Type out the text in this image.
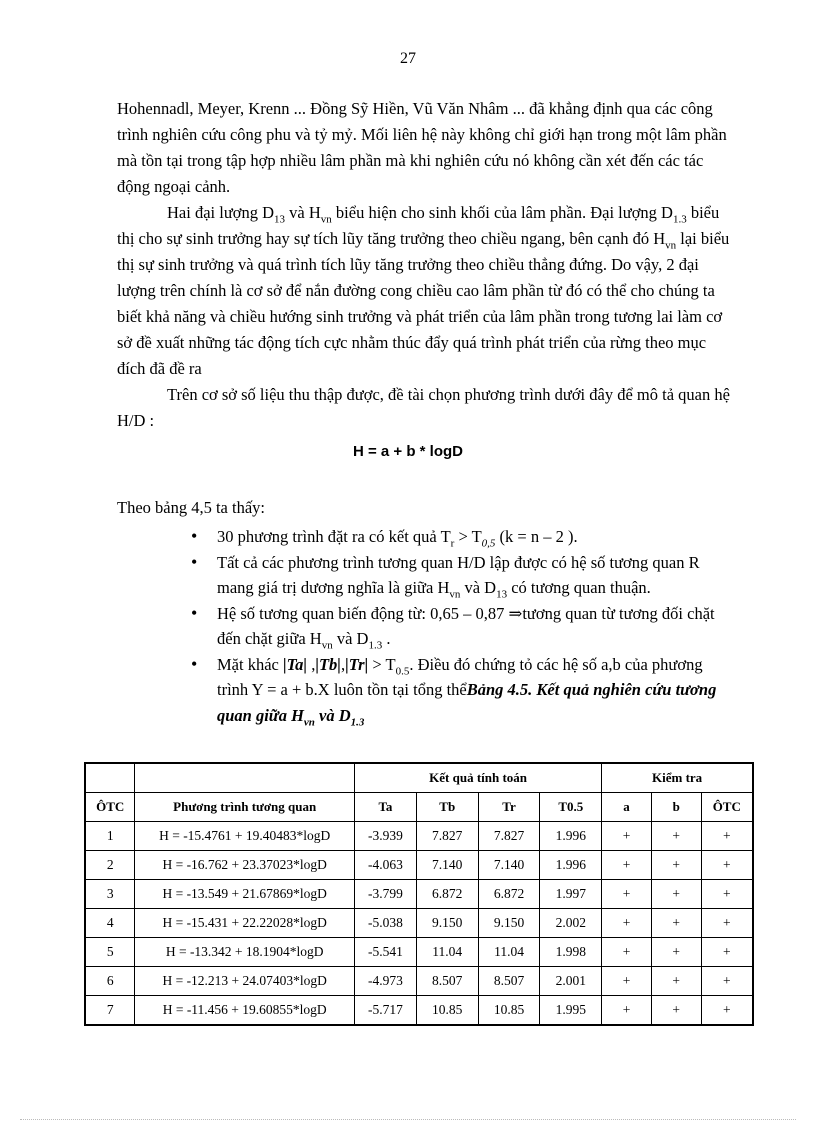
27

Hohennadl, Meyer, Krenn ... Đồng Sỹ Hiền, Vũ Văn Nhâm ... đã khẳng định qua các công trình nghiên cứu công phu và tỷ mỷ. Mối liên hệ này không chỉ giới hạn trong một lâm phần mà tồn tại trong tập hợp nhiều lâm phần mà khi nghiên cứu nó không cần xét đến các tác động ngoại cảnh.

Hai đại lượng $D_{13}$ và $H_{vn}$ biểu hiện cho sinh khối của lâm phần. Đại lượng $D_{1.3}$ biểu thị cho sự sinh trưởng hay sự tích lũy tăng trưởng theo chiều ngang, bên cạnh đó $H_{vn}$ lại biểu thị sự sinh trưởng và quá trình tích lũy tăng trưởng theo chiều thẳng đứng. Do vậy, 2 đại lượng trên chính là cơ sở để nắn đường cong chiều cao lâm phần từ đó có thể cho chúng ta biết khả năng và chiều hướng sinh trưởng và phát triển của lâm phần trong tương lai làm cơ sở đề xuất những tác động tích cực nhằm thúc đẩy quá trình phát triển của rừng theo mục đích đã đề ra

Trên cơ sở số liệu thu thập được, đề tài chọn phương trình dưới đây để mô tả quan hệ H/D :

H = a + b * logD
Theo bảng 4,5 ta thấy:
• 30 phương trình đặt ra có kết quả $T_r > T_{0,5}$ (k = n – 2 ).
• Tất cả các phương trình tương quan H/D lập được có hệ số tương quan R mang giá trị dương nghĩa là giữa $H_{vn}$ và $D_{13}$ có tương quan thuận.
• Hệ số tương quan biến động từ: 0,65 – 0,87 ⇒tương quan từ tương đối chặt đến chặt giữa $H_{vn}$ và $D_{1.3}$ .
• Mặt khác |Ta| $,|Tb|,|Tr| > T_{0.5}$. Điều đó chứng tỏ các hệ số a,b của phương trình Y = a + b.X luôn tồn tại tổng thểBảng 4.5. Kết quả nghiên cứu tương quan giữa $H_{vn}$ và $D_{1.3}$
		Kết quả tính toán				Kiểm tra		
ÔTC	Phương trình tương quan	Ta	Tb	Tr	T0.5	a	b	ÔTC
1	H = -15.4761 + 19.40483*logD	-3.939	7.827	7.827	1.996	+	+	+
2	H = -16.762 + 23.37023*logD	-4.063	7.140	7.140	1.996	+	+	+
3	H = -13.549 + 21.67869*logD	-3.799	6.872	6.872	1.997	+	+	+
4	H = -15.431 + 22.22028*logD	-5.038	9.150	9.150	2.002	+	+	+
5	H = -13.342 + 18.1904*logD	-5.541	11.04	11.04	1.998	+	+	+
6	H = -12.213 + 24.07403*logD	-4.973	8.507	8.507	2.001	+	+	+
7	H = -11.456 + 19.60855*logD	-5.717	10.85	10.85	1.995	+	+	+
